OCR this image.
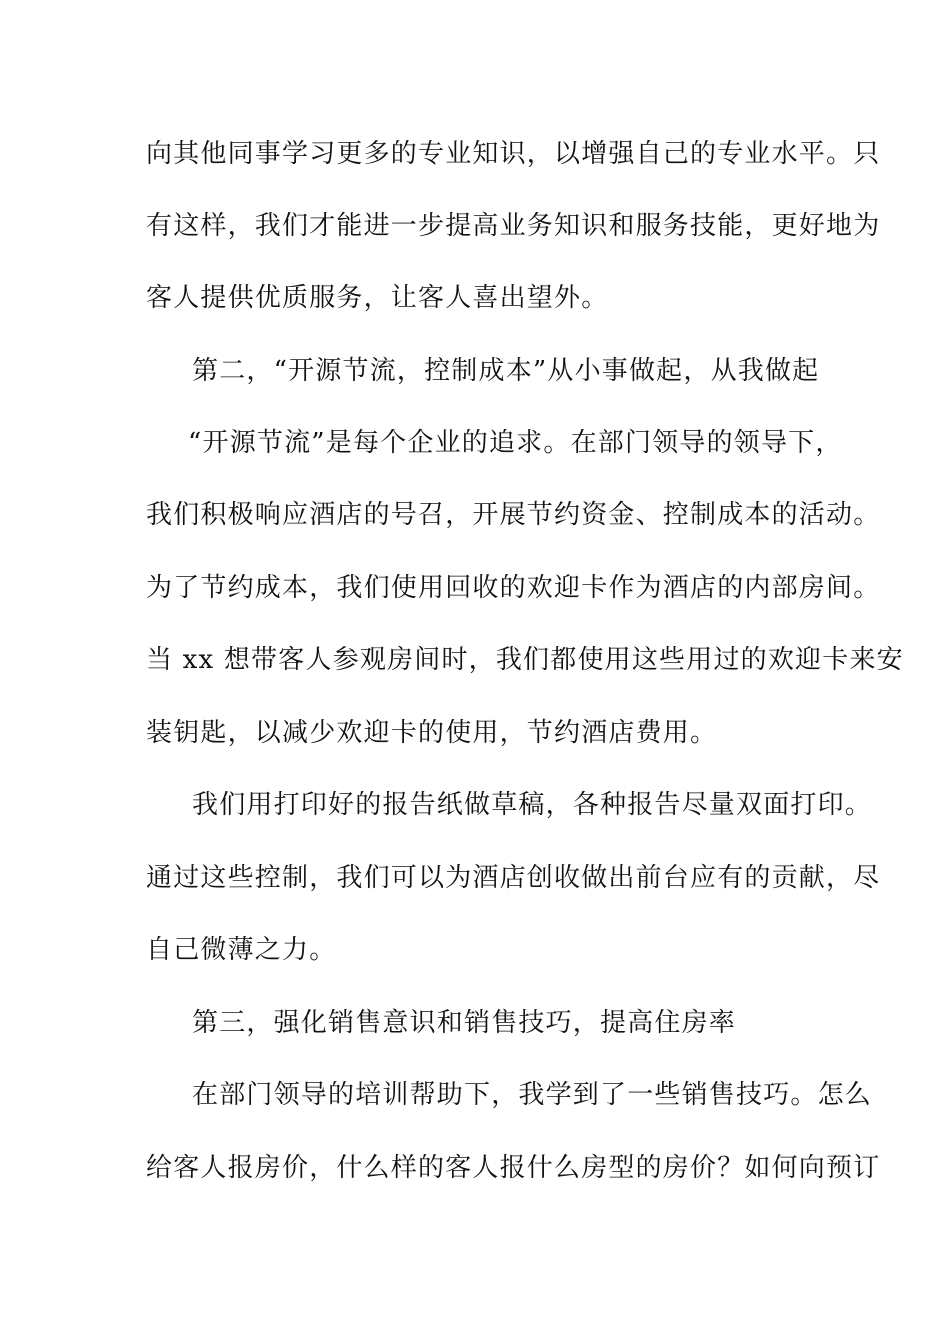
向其他同事学习更多的专业知识，以增强自己的专业水平。只
有这样，我们才能进一步提高业务知识和服务技能，更好地为
客人提供优质服务，让客人喜出望外。
第二，“开源节流，控制成本”从小事做起，从我做起
“开源节流”是每个企业的追求。在部门领导的领导下，
我们积极响应酒店的号召，开展节约资金、控制成本的活动。
为了节约成本，我们使用回收的欢迎卡作为酒店的内部房间。
当 xx 想带客人参观房间时，我们都使用这些用过的欢迎卡来安
装钥匙，以减少欢迎卡的使用，节约酒店费用。
我们用打印好的报告纸做草稿，各种报告尽量双面打印。
通过这些控制，我们可以为酒店创收做出前台应有的贡献，尽
自己微薄之力。
第三，强化销售意识和销售技巧，提高住房率
在部门领导的培训帮助下，我学到了一些销售技巧。怎么
给客人报房价，什么样的客人报什么房型的房价？如何向预订
